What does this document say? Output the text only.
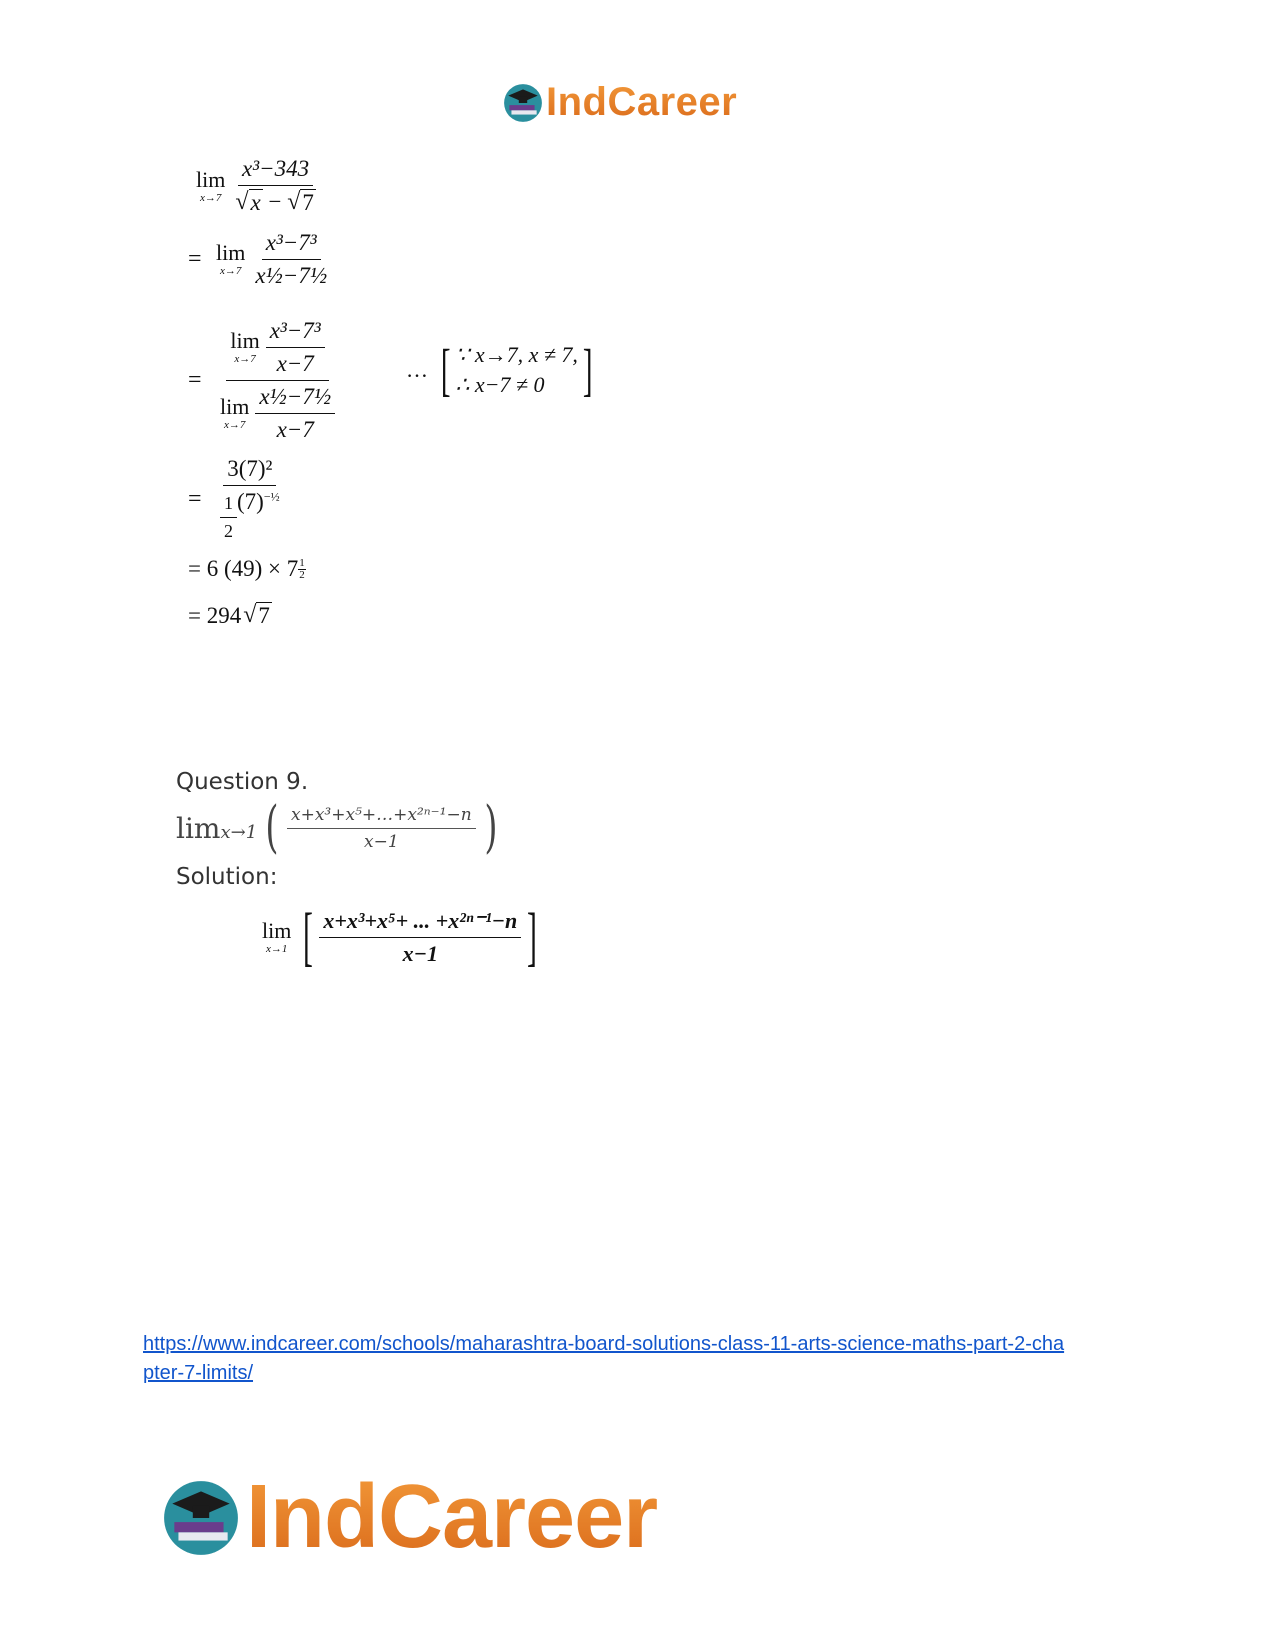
IndCareer
lim
$x\to 7 \frac{\text{x³−343}}{√ x - √ 7}$
= lim
$x\to 7 \frac{\text{x³−7³}}{\text{x½−7½}}$
= lim
$x\to 7 \frac{\text{x³−7³}}{x-7}$
lim
$x\to 7 \frac{\text{x½−7½}}{x-7}$	… [ ∵ x→7, x ≠ 7,
∴ x−7 ≠ 0 ]
= $\frac{\text{3(7)²}}{\frac{1}{2} (7)^{-\frac{1}{2}}}$
= 6 (49) × 7 1
2
= 294 √ 7
Question 9.
limx→1 ( $\frac{\text{x+x³+x⁵+…+x²ⁿ⁻¹−n}}{x-1}$ )
Solution:
lim
x→1 [ $\frac{\text{x+x³+x⁵+ ... +x²ⁿ⁻¹−n}}{x-1}$ ]
https://www.indcareer.com/schools/maharashtra-board-solutions-class-11-arts-science-maths-part-2-chapter-7-limits/
IndCareer
